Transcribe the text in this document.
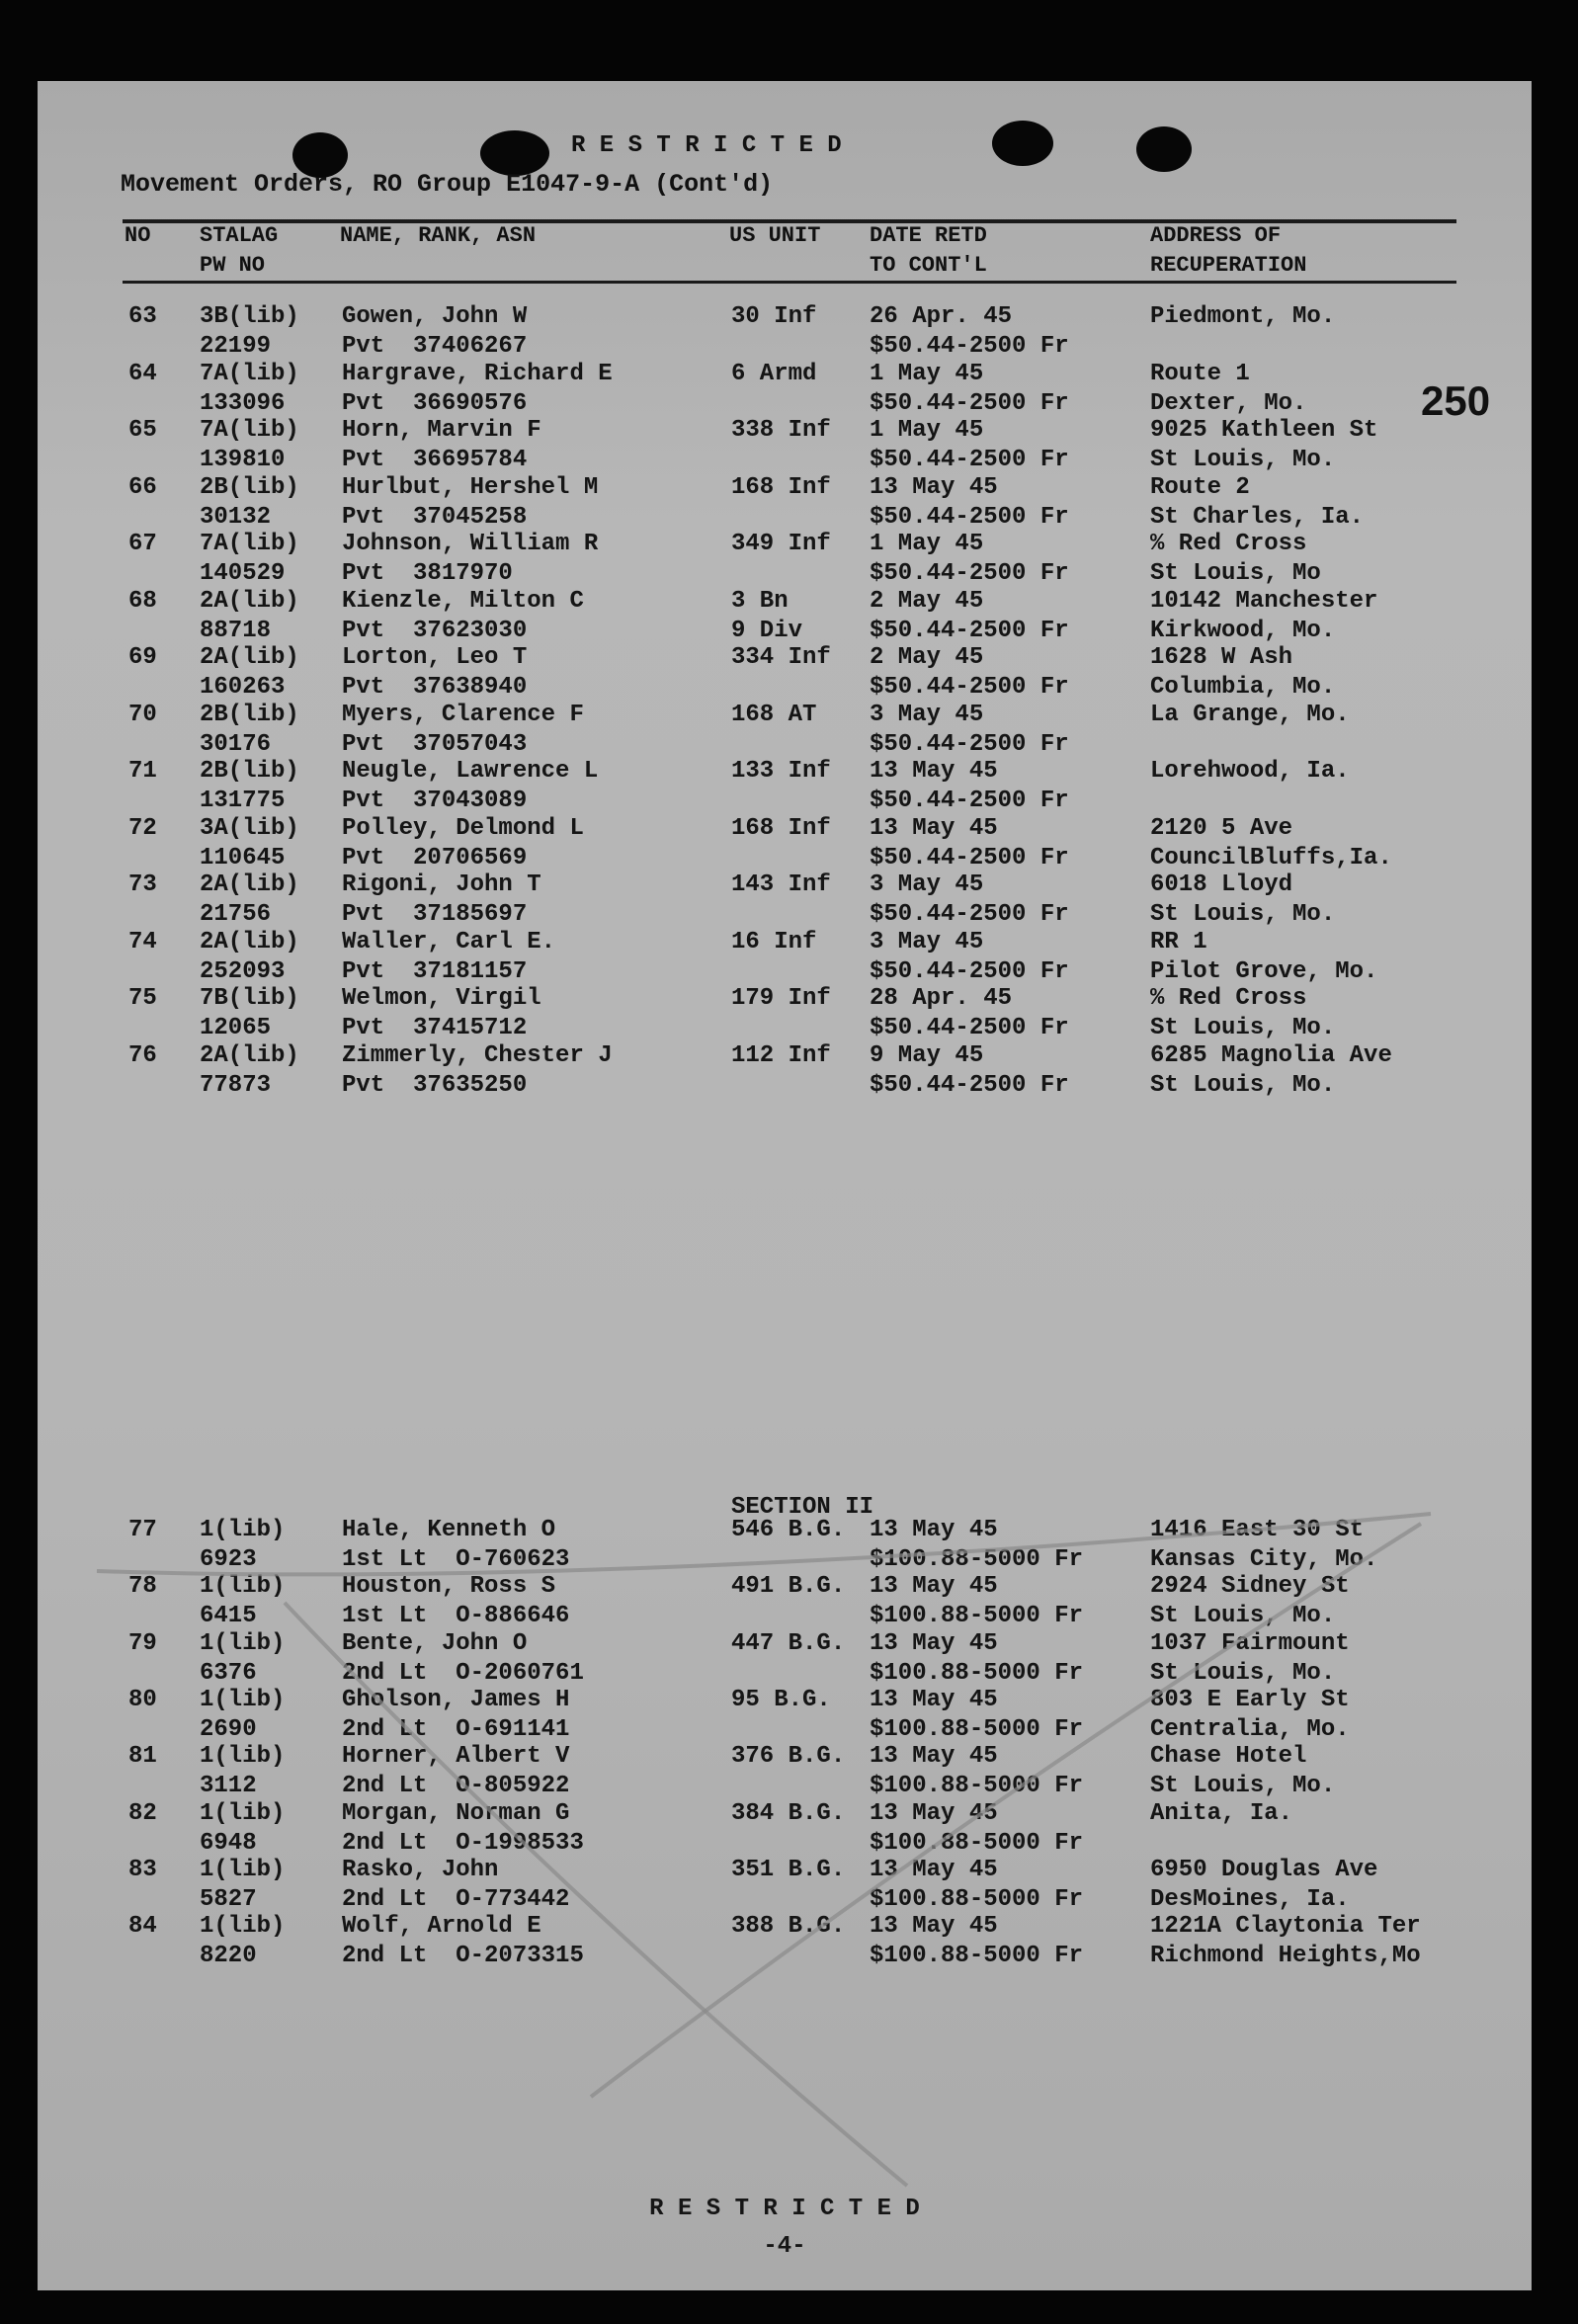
R E S T R I C T E D
Movement Orders, RO Group E1047-9-A (Cont'd)
NO STALAG
PW NO
NAME, RANK, ASN	US UNIT DATE RETD
TO CONT'L
ADDRESS OF
RECUPERATION
250
SECTION II
63 3B(lib)
22199
Gowen, John W
Pvt  37406267
30 Inf 26 Apr. 45
$50.44-2500 Fr
Piedmont, Mo.
64 7A(lib)
133096
Hargrave, Richard E
Pvt  36690576
6 Armd 1 May 45
$50.44-2500 Fr
Route 1
Dexter, Mo.
65 7A(lib)
139810
Horn, Marvin F
Pvt  36695784
338 Inf 1 May 45
$50.44-2500 Fr
9025 Kathleen St
St Louis, Mo.
66 2B(lib)
30132
Hurlbut, Hershel M
Pvt  37045258
168 Inf 13 May 45
$50.44-2500 Fr
Route 2
St Charles, Ia.
67 7A(lib)
140529
Johnson, William R
Pvt  3817970
349 Inf 1 May 45
$50.44-2500 Fr
% Red Cross
St Louis, Mo
68 2A(lib)
88718
Kienzle, Milton C
Pvt  37623030
3 Bn
9 Div
2 May 45
$50.44-2500 Fr
10142 Manchester
Kirkwood, Mo.
69 2A(lib)
160263
Lorton, Leo T
Pvt  37638940
334 Inf 2 May 45
$50.44-2500 Fr
1628 W Ash
Columbia, Mo.
70 2B(lib)
30176
Myers, Clarence F
Pvt  37057043
168 AT 3 May 45
$50.44-2500 Fr
La Grange, Mo.
71 2B(lib)
131775
Neugle, Lawrence L
Pvt  37043089
133 Inf 13 May 45
$50.44-2500 Fr
Lorehwood, Ia.
72 3A(lib)
110645
Polley, Delmond L
Pvt  20706569
168 Inf 13 May 45
$50.44-2500 Fr
2120 5 Ave
CouncilBluffs,Ia.
73 2A(lib)
21756
Rigoni, John T
Pvt  37185697
143 Inf 3 May 45
$50.44-2500 Fr
6018 Lloyd
St Louis, Mo.
74 2A(lib)
252093
Waller, Carl E.
Pvt  37181157
16 Inf 3 May 45
$50.44-2500 Fr
RR 1
Pilot Grove, Mo.
75 7B(lib)
12065
Welmon, Virgil
Pvt  37415712
179 Inf 28 Apr. 45
$50.44-2500 Fr
% Red Cross
St Louis, Mo.
76 2A(lib)
77873
Zimmerly, Chester J
Pvt  37635250
112 Inf 9 May 45
$50.44-2500 Fr
6285 Magnolia Ave
St Louis, Mo.
77 1(lib)
6923
Hale, Kenneth O
1st Lt  O-760623
546 B.G. 13 May 45
$100.88-5000 Fr
1416 East 30 St
Kansas City, Mo.
78 1(lib)
6415
Houston, Ross S
1st Lt  O-886646
491 B.G. 13 May 45
$100.88-5000 Fr
2924 Sidney St
St Louis, Mo.
79 1(lib)
6376
Bente, John O
2nd Lt  O-2060761
447 B.G. 13 May 45
$100.88-5000 Fr
1037 Fairmount
St Louis, Mo.
80 1(lib)
2690
Gholson, James H
2nd Lt  O-691141
95 B.G. 13 May 45
$100.88-5000 Fr
803 E Early St
Centralia, Mo.
81 1(lib)
3112
Horner, Albert V
2nd Lt  O-805922
376 B.G. 13 May 45
$100.88-5000 Fr
Chase Hotel
St Louis, Mo.
82 1(lib)
6948
Morgan, Norman G
2nd Lt  O-1998533
384 B.G. 13 May 45
$100.88-5000 Fr
Anita, Ia.
83 1(lib)
5827
Rasko, John
2nd Lt  O-773442
351 B.G. 13 May 45
$100.88-5000 Fr
6950 Douglas Ave
DesMoines, Ia.
84 1(lib)
8220
Wolf, Arnold E
2nd Lt  O-2073315
388 B.G. 13 May 45
$100.88-5000 Fr
1221A Claytonia Ter
Richmond Heights,Mo
R E S T R I C T E D
-4-
